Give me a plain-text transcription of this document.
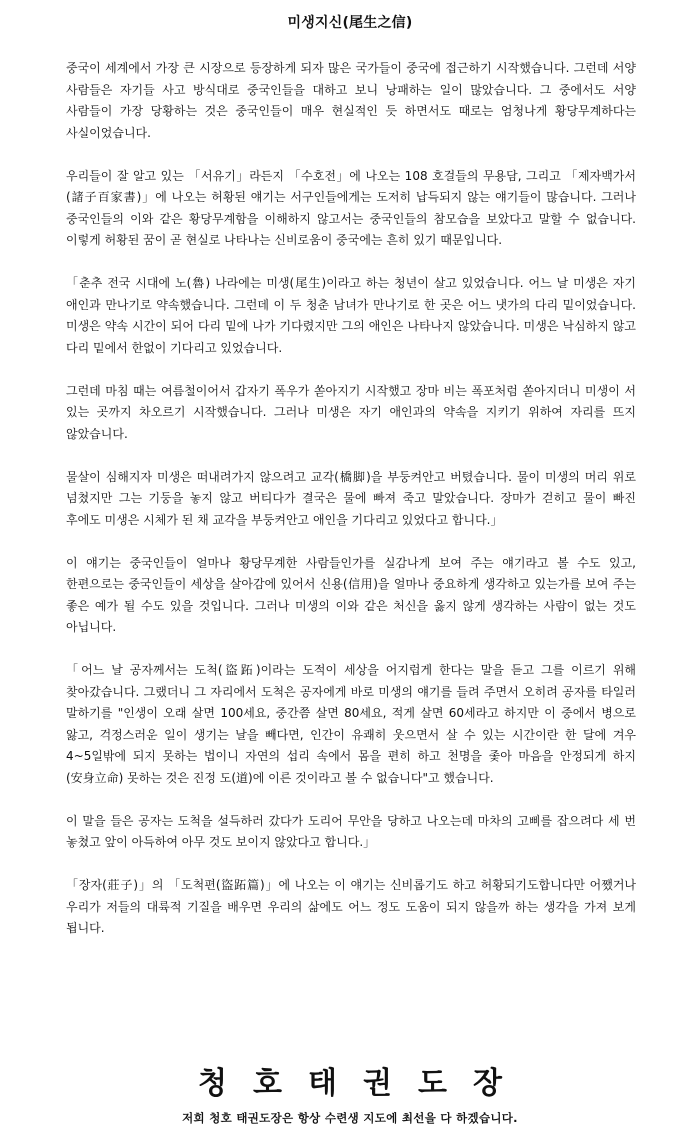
미생지신(尾生之信)

중국이 세계에서 가장 큰 시장으로 등장하게 되자 많은 국가들이 중국에 접근하기 시작했습니다. 그런데 서양 사람들은 자기들 사고 방식대로 중국인들을 대하고 보니 낭패하는 일이 많았습니다. 그 중에서도 서양 사람들이 가장 당황하는 것은 중국인들이 매우 현실적인 듯 하면서도 때로는 엄청나게 황당무계하다는 사실이었습니다.

우리들이 잘 알고 있는 「서유기」라든지 「수호전」에 나오는 108 호걸들의 무용담, 그리고 「제자백가서(諸子百家書)」에 나오는 허황된 얘기는 서구인들에게는 도저히 납득되지 않는 얘기들이 많습니다. 그러나 중국인들의 이와 같은 황당무계함을 이해하지 않고서는 중국인들의 참모습을 보았다고 말할 수 없습니다. 이렇게 허황된 꿈이 곧 현실로 나타나는 신비로움이 중국에는 흔히 있기 때문입니다.

「춘추 전국 시대에 노(魯) 나라에는 미생(尾生)이라고 하는 청년이 살고 있었습니다. 어느 날 미생은 자기 애인과 만나기로 약속했습니다. 그런데 이 두 청춘 남녀가 만나기로 한 곳은 어느 냇가의 다리 밑이었습니다. 미생은 약속 시간이 되어 다리 밑에 나가 기다렸지만 그의 애인은 나타나지 않았습니다. 미생은 낙심하지 않고 다리 밑에서 한없이 기다리고 있었습니다.

그런데 마침 때는 여름철이어서 갑자기 폭우가 쏟아지기 시작했고 장마 비는 폭포처럼 쏟아지더니 미생이 서 있는 곳까지 차오르기 시작했습니다. 그러나 미생은 자기 애인과의 약속을 지키기 위하여 자리를 뜨지 않았습니다.

물살이 심해지자 미생은 떠내려가지 않으려고 교각(橋脚)을 부둥켜안고 버텼습니다. 물이 미생의 머리 위로 넘쳤지만 그는 기둥을 놓지 않고 버티다가 결국은 물에 빠져 죽고 말았습니다. 장마가 걷히고 물이 빠진 후에도 미생은 시체가 된 채 교각을 부둥켜안고 애인을 기다리고 있었다고 합니다.」

이 얘기는 중국인들이 얼마나 황당무계한 사람들인가를 실감나게 보여 주는 얘기라고 볼 수도 있고, 한편으로는 중국인들이 세상을 살아감에 있어서 신용(信用)을 얼마나 중요하게 생각하고 있는가를 보여 주는 좋은 예가 될 수도 있을 것입니다. 그러나 미생의 이와 같은 처신을 옳지 않게 생각하는 사람이 없는 것도 아닙니다.

「어느 날 공자께서는 도척(盜跖)이라는 도적이 세상을 어지럽게 한다는 말을 듣고 그를 이르기 위해 찾아갔습니다. 그랬더니 그 자리에서 도척은 공자에게 바로 미생의 얘기를 들려 주면서 오히려 공자를 타일러 말하기를 "인생이 오래 살면 100세요, 중간쯤 살면 80세요, 적게 살면 60세라고 하지만 이 중에서 병으로 앓고, 걱정스러운 일이 생기는 날을 빼다면, 인간이 유쾌히 웃으면서 살 수 있는 시간이란 한 달에 겨우 4~5일밖에 되지 못하는 법이니 자연의 섭리 속에서 몸을 편히 하고 천명을 좇아 마음을 안정되게 하지(安身立命) 못하는 것은 진정 도(道)에 이른 것이라고 볼 수 없습니다"고 했습니다.

이 말을 들은 공자는 도척을 설득하러 갔다가 도리어 무안을 당하고 나오는데 마차의 고삐를 잡으려다 세 번 놓쳤고 앞이 아득하여 아무 것도 보이지 않았다고 합니다.」

「장자(莊子)」의 「도척편(盜跖篇)」에 나오는 이 얘기는 신비롭기도 하고 허황되기도합니다만 어쨌거나 우리가 저들의 대륙적 기질을 배우면 우리의 삶에도 어느 정도 도움이 되지 않을까 하는 생각을 가져 보게 됩니다.

청호태권도장
저희 청호 태권도장은 항상 수련생 지도에 최선을 다 하겠습니다.
